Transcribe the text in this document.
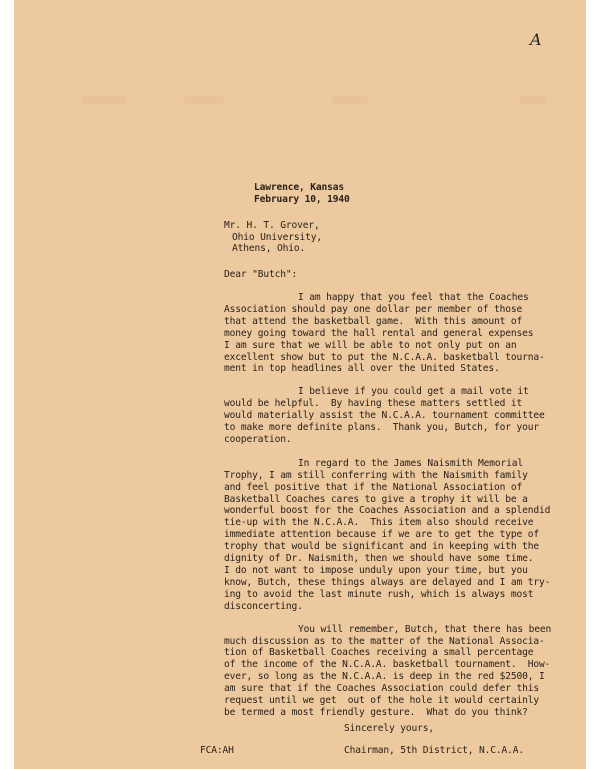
A
Lawrence, Kansas
February 10, 1940
Mr. H. T. Grover,
Ohio University,
Athens, Ohio.
Dear "Butch":
I am happy that you feel that the Coaches
Association should pay one dollar per member of those
that attend the basketball game.  With this amount of
money going toward the hall rental and general expenses
I am sure that we will be able to not only put on an
excellent show but to put the N.C.A.A. basketball tourna-
ment in top headlines all over the United States.
I believe if you could get a mail vote it
would be helpful.  By having these matters settled it
would materially assist the N.C.A.A. tournament committee
to make more definite plans.  Thank you, Butch, for your
cooperation.
In regard to the James Naismith Memorial
Trophy, I am still conferring with the Naismith family
and feel positive that if the National Association of
Basketball Coaches cares to give a trophy it will be a
wonderful boost for the Coaches Association and a splendid
tie-up with the N.C.A.A.  This item also should receive
immediate attention because if we are to get the type of
trophy that would be significant and in keeping with the
dignity of Dr. Naismith, then we should have some time.
I do not want to impose unduly upon your time, but you
know, Butch, these things always are delayed and I am try-
ing to avoid the last minute rush, which is always most
disconcerting.
You will remember, Butch, that there has been
much discussion as to the matter of the National Associa-
tion of Basketball Coaches receiving a small percentage
of the income of the N.C.A.A. basketball tournament.  How-
ever, so long as the N.C.A.A. is deep in the red $2500, I
am sure that if the Coaches Association could defer this
request until we get  out of the hole it would certainly
be termed a most friendly gesture.  What do you think?
Sincerely yours,
FCA:AH	Chairman, 5th District, N.C.A.A.
